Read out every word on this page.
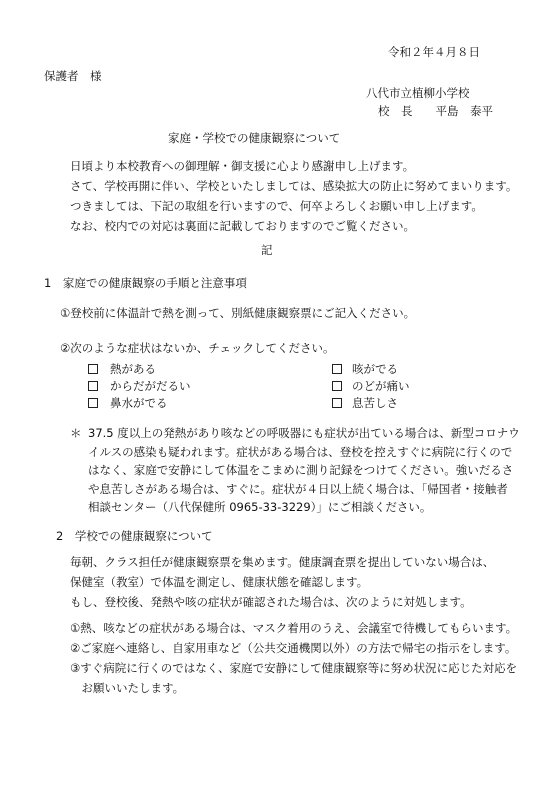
令和２年４月８日
保護者　様
八代市立植柳小学校
校　長　　平島　泰平
家庭・学校での健康観察について
日頃より本校教育への御理解・御支援に心より感謝申し上げます。
さて、学校再開に伴い、学校といたしましては、感染拡大の防止に努めてまいります。
つきましては、下記の取組を行いますので、何卒よろしくお願い申し上げます。
なお、校内での対応は裏面に記載しておりますのでご覧ください。
記
1　家庭での健康観察の手順と注意事項
①登校前に体温計で熱を測って、別紙健康観察票にご記入ください。
②次のような症状はないか、チェックしてください。
熱がある	咳がでる
からだがだるい	のどが痛い
鼻水がでる	息苦しさ
＊ 37.5 度以上の発熱があり咳などの呼吸器にも症状が出ている場合は、新型コロナウ
イルスの感染も疑われます。症状がある場合は、登校を控えすぐに病院に行くので
はなく、家庭で安静にして体温をこまめに測り記録をつけてください。強いだるさ
や息苦しさがある場合は、すぐに。症状が４日以上続く場合は、「帰国者・接触者
相談センター（八代保健所 0965-33-3229）」にご相談ください。
2　学校での健康観察について
毎朝、クラス担任が健康観察票を集めます。健康調査票を提出していない場合は、
保健室（教室）で体温を測定し、健康状態を確認します。
もし、登校後、発熱や咳の症状が確認された場合は、次のように対処します。
①熱、咳などの症状がある場合は、マスク着用のうえ、会議室で待機してもらいます。
②ご家庭へ連絡し、自家用車など（公共交通機関以外）の方法で帰宅の指示をします。
③すぐ病院に行くのではなく、家庭で安静にして健康観察等に努め状況に応じた対応を
　お願いいたします。
